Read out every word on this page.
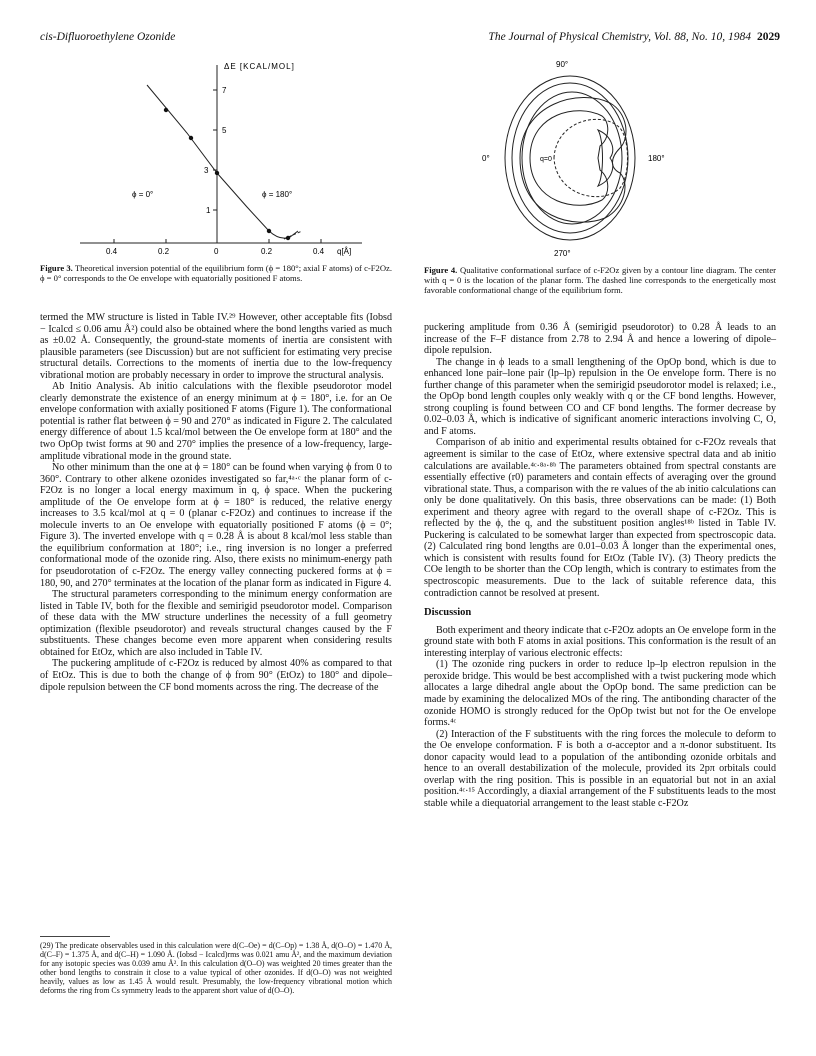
cis-Difluoroethylene Ozonide	The Journal of Physical Chemistry, Vol. 88, No. 10, 1984 2029
ΔE [KCAL/MOL]
7
5
3
1
0.4	0.2	0	0.2	0.4 q[Å]
ϕ = 0°	ϕ = 180°
Figure 3. Theoretical inversion potential of the equilibrium form (ϕ = 180°; axial F atoms) of c-F2Oz. ϕ = 0° corresponds to the Oe envelope with equatorially positioned F atoms.
90°
0°	180°
270°
q=0
Figure 4. Qualitative conformational surface of c-F2Oz given by a contour line diagram. The center with q = 0 is the location of the planar form. The dashed line corresponds to the energetically most favorable conformational change of the equilibrium form.

termed the MW structure is listed in Table IV.²⁹ However, other acceptable fits (Iobsd − Icalcd ≤ 0.06 amu Å²) could also be obtained where the bond lengths varied as much as ±0.02 Å. Consequently, the ground-state moments of inertia are consistent with plausible parameters (see Discussion) but are not sufficient for estimating very precise structural details. Corrections to the moments of inertia due to the low-frequency vibrational motion are probably necessary in order to improve the structural analysis.

Ab Initio Analysis. Ab initio calculations with the flexible pseudorotor model clearly demonstrate the existence of an energy minimum at ϕ = 180°, i.e. for an Oe envelope conformation with axially positioned F atoms (Figure 1). The conformational potential is rather flat between ϕ = 90 and 270° as indicated in Figure 2. The calculated energy difference of about 1.5 kcal/mol between the Oe envelope form at 180° and the two OpOp twist forms at 90 and 270° implies the presence of a low-frequency, large-amplitude vibrational mode in the ground state.

No other minimum than the one at ϕ = 180° can be found when varying ϕ from 0 to 360°. Contrary to other alkene ozonides investigated so far,⁴ᵃ·ᶜ the planar form of c-F2Oz is no longer a local energy maximum in q, ϕ space. When the puckering amplitude of the Oe envelope form at ϕ = 180° is reduced, the relative energy increases to 3.5 kcal/mol at q = 0 (planar c-F2Oz) and continues to increase if the molecule inverts to an Oe envelope with equatorially positioned F atoms (ϕ = 0°; Figure 3). The inverted envelope with q = 0.28 Å is about 8 kcal/mol less stable than the equilibrium conformation at 180°; i.e., ring inversion is no longer a preferred conformational mode of the ozonide ring. Also, there exists no minimum-energy path for pseudorotation of c-F2Oz. The energy valley connecting puckered forms at ϕ = 180, 90, and 270° terminates at the location of the planar form as indicated in Figure 4.

The structural parameters corresponding to the minimum energy conformation are listed in Table IV, both for the flexible and semirigid pseudorotor model. Comparison of these data with the MW structure underlines the necessity of a full geometry optimization (flexible pseudorotor) and reveals structural changes caused by the F substituents. These changes become even more apparent when considering results obtained for EtOz, which are also included in Table IV.

The puckering amplitude of c-F2Oz is reduced by almost 40% as compared to that of EtOz. This is due to both the change of ϕ from 90° (EtOz) to 180° and dipole–dipole repulsion between the CF bond moments across the ring. The decrease of the

(29) The predicate observables used in this calculation were d(C–Oe) = d(C–Op) = 1.38 Å, d(O–O) = 1.470 Å, d(C–F) = 1.375 Å, and d(C–H) = 1.090 Å. (Iobsd − Icalcd)rms was 0.021 amu Å², and the maximum deviation for any isotopic species was 0.039 amu Å². In this calculation d(O–O) was weighted 20 times greater than the other bond lengths to constrain it close to a value typical of other ozonides. If d(O–O) was not weighted heavily, values as low as 1.45 Å would result. Presumably, the low-frequency vibrational motion which deforms the ring from Cs symmetry leads to the apparent short value of d(O–O).

puckering amplitude from 0.36 Å (semirigid pseudorotor) to 0.28 Å leads to an increase of the F–F distance from 2.78 to 2.94 Å and hence a lowering of dipole–dipole repulsion.

The change in ϕ leads to a small lengthening of the OpOp bond, which is due to enhanced lone pair–lone pair (lp–lp) repulsion in the Oe envelope form. There is no further change of this parameter when the semirigid pseudorotor model is relaxed; i.e., the OpOp bond length couples only weakly with q or the CF bond lengths. However, strong coupling is found between CO and CF bond lengths. The former decrease by 0.02–0.03 Å, which is indicative of significant anomeric interactions involving C, O, and F atoms.

Comparison of ab initio and experimental results obtained for c-F2Oz reveals that agreement is similar to the case of EtOz, where extensive spectral data and ab initio calculations are available.⁴ᶜ·⁸ᵃ·⁸ᵇ The parameters obtained from spectral constants are essentially effective (r0) parameters and contain effects of averaging over the ground vibrational state. Thus, a comparison with the re values of the ab initio calculations can only be done qualitatively. On this basis, three observations can be made: (1) Both experiment and theory agree with regard to the overall shape of c-F2Oz. This is reflected by the ϕ, the q, and the substituent position angles¹⁸ᵇ listed in Table IV. Puckering is calculated to be somewhat larger than expected from spectroscopic data. (2) Calculated ring bond lengths are 0.01–0.03 Å longer than the experimental ones, which is consistent with results found for EtOz (Table IV). (3) Theory predicts the COe length to be shorter than the COp length, which is contrary to estimates from the spectroscopic measurements. Due to the lack of suitable reference data, this contradiction cannot be resolved at present.

Discussion

Both experiment and theory indicate that c-F2Oz adopts an Oe envelope form in the ground state with both F atoms in axial positions. This conformation is the result of an interesting interplay of various electronic effects:

(1) The ozonide ring puckers in order to reduce lp–lp electron repulsion in the peroxide bridge. This would be best accomplished with a twist puckering mode which allocates a large dihedral angle about the OpOp bond. The same prediction can be made by examining the delocalized MOs of the ring. The antibonding character of the ozonide HOMO is strongly reduced for the OpOp twist but not for the Oe envelope forms.⁴ᶜ

(2) Interaction of the F substituents with the ring forces the molecule to deform to the Oe envelope conformation. F is both a σ-acceptor and a π-donor substituent. Its donor capacity would lead to a population of the antibonding ozonide orbitals and hence to an overall destabilization of the molecule, provided its 2pπ orbitals could overlap with the ring position. This is possible in an equatorial but not in an axial position.⁴ᶜ·¹⁵ Accordingly, a diaxial arrangement of the F substituents leads to the most stable while a diequatorial arrangement to the least stable c-F2Oz
